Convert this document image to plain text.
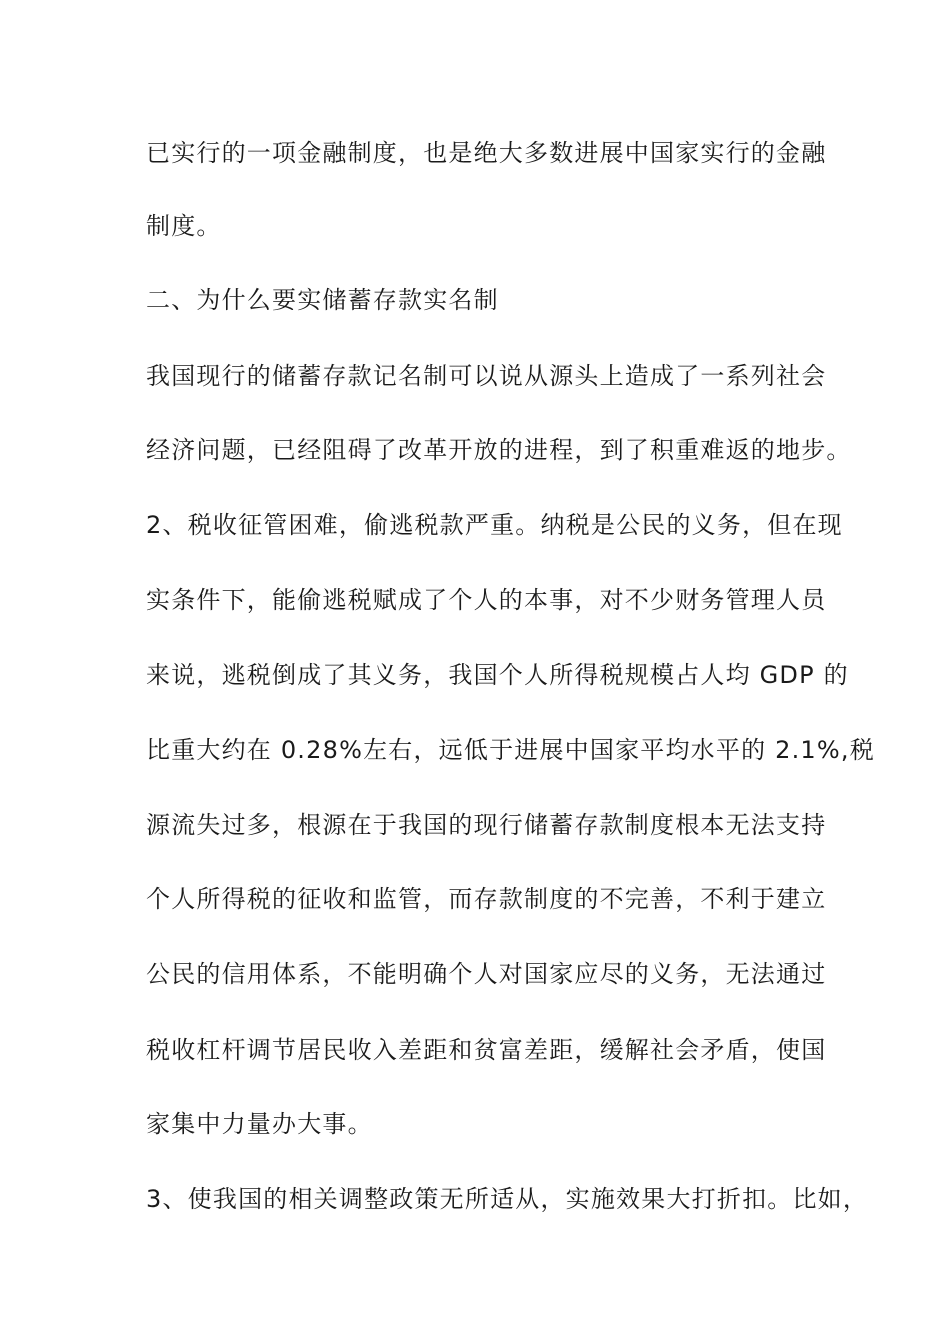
已实行的一项金融制度，也是绝大多数进展中国家实行的金融
制度。
二、为什么要实储蓄存款实名制
我国现行的储蓄存款记名制可以说从源头上造成了一系列社会
经济问题，已经阻碍了改革开放的进程，到了积重难返的地步。
2、税收征管困难，偷逃税款严重。纳税是公民的义务，但在现
实条件下，能偷逃税赋成了个人的本事，对不少财务管理人员
来说，逃税倒成了其义务，我国个人所得税规模占人均 GDP 的
比重大约在 0.28%左右，远低于进展中国家平均水平的 2.1%,税
源流失过多，根源在于我国的现行储蓄存款制度根本无法支持
个人所得税的征收和监管，而存款制度的不完善，不利于建立
公民的信用体系，不能明确个人对国家应尽的义务，无法通过
税收杠杆调节居民收入差距和贫富差距，缓解社会矛盾，使国
家集中力量办大事。
3、使我国的相关调整政策无所适从，实施效果大打折扣。比如，
